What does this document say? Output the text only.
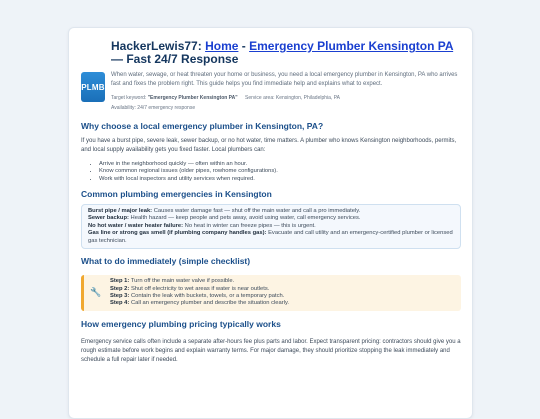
PLMB
HackerLewis77: Home - Emergency Plumber Kensington PA — Fast 24/7 Response

When water, sewage, or heat threaten your home or business, you need a local emergency plumber in Kensington, PA who arrives fast and fixes the problem right. This guide helps you find immediate help and explains what to expect.

Target keyword: "Emergency Plumber Kensington PA" Service area: Kensington, Philadelphia, PA
Availability: 24/7 emergency response
Why choose a local emergency plumber in Kensington, PA?

If you have a burst pipe, severe leak, sewer backup, or no hot water, time matters. A plumber who knows Kensington neighborhoods, permits, and local supply availability gets you fixed faster. Local plumbers can:

• Arrive in the neighborhood quickly — often within an hour.
• Know common regional issues (older pipes, rowhome configurations).
• Work with local inspectors and utility services when required.
Common plumbing emergencies in Kensington
Burst pipe / major leak: Causes water damage fast — shut off the main water and call a pro immediately.
Sewer backup: Health hazard — keep people and pets away, avoid using water, call emergency services.
No hot water / water heater failure: No heat in winter can freeze pipes — this is urgent.
Gas line or strong gas smell (if plumbing company handles gas): Evacuate and call utility and an emergency-certified plumber or licensed gas technician.
What to do immediately (simple checklist)
🔧
Step 1: Turn off the main water valve if possible.
Step 2: Shut off electricity to wet areas if water is near outlets.
Step 3: Contain the leak with buckets, towels, or a temporary patch.
Step 4: Call an emergency plumber and describe the situation clearly.
How emergency plumbing pricing typically works

Emergency service calls often include a separate after-hours fee plus parts and labor. Expect transparent pricing: contractors should give you a rough estimate before work begins and explain warranty terms. For major damage, they should prioritize stopping the leak immediately and schedule a full repair later if needed.
